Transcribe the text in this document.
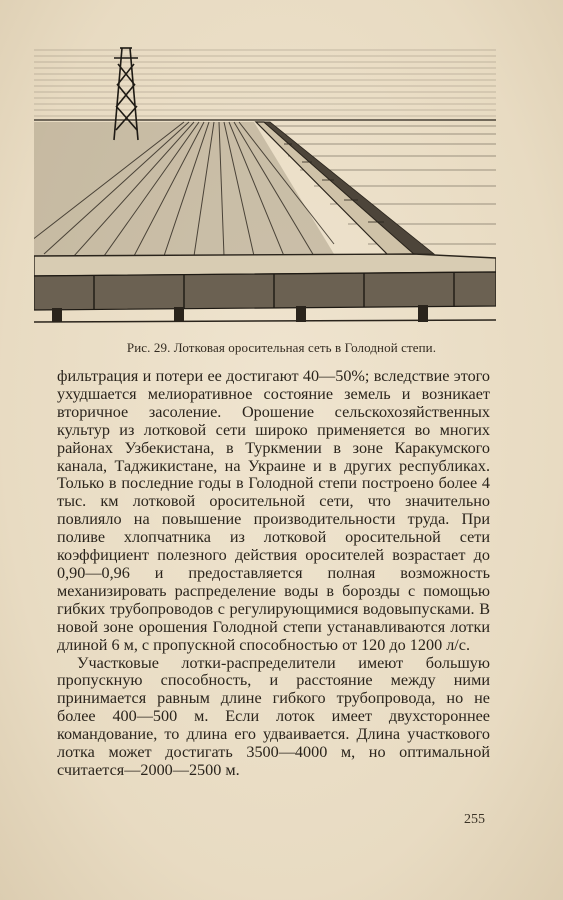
Рис. 29. Лотковая оросительная сеть в Голодной степи.

фильтрация и потери ее достигают 40—50%; вследствие этого ухудшается мелиоративное состояние земель и возникает вторичное засоление. Орошение сельскохозяйственных культур из лотковой сети широко применяется во многих районах Узбекистана, в Туркмении в зоне Каракумского канала, Таджикистане, на Украине и в других республиках. Только в последние годы в Голодной степи построено более 4 тыс. км лотковой оросительной сети, что значительно повлияло на повышение производительности труда. При поливе хлопчатника из лотковой оросительной сети коэффициент полезного действия оросителей возрастает до 0,90—0,96 и предоставляется полная возможность механизировать распределение воды в борозды с помощью гибких трубопроводов с регулирующимися водовыпусками. В новой зоне орошения Голодной степи устанавливаются лотки длиной 6 м, с пропускной способностью от 120 до 1200 л/с.

Участковые лотки-распределители имеют большую пропускную способность, и расстояние между ними принимается равным длине гибкого трубопровода, но не более 400—500 м. Если лоток имеет двухстороннее командование, то длина его удваивается. Длина участкового лотка может достигать 3500—4000 м, но оптимальной считается—2000—2500 м.

255
